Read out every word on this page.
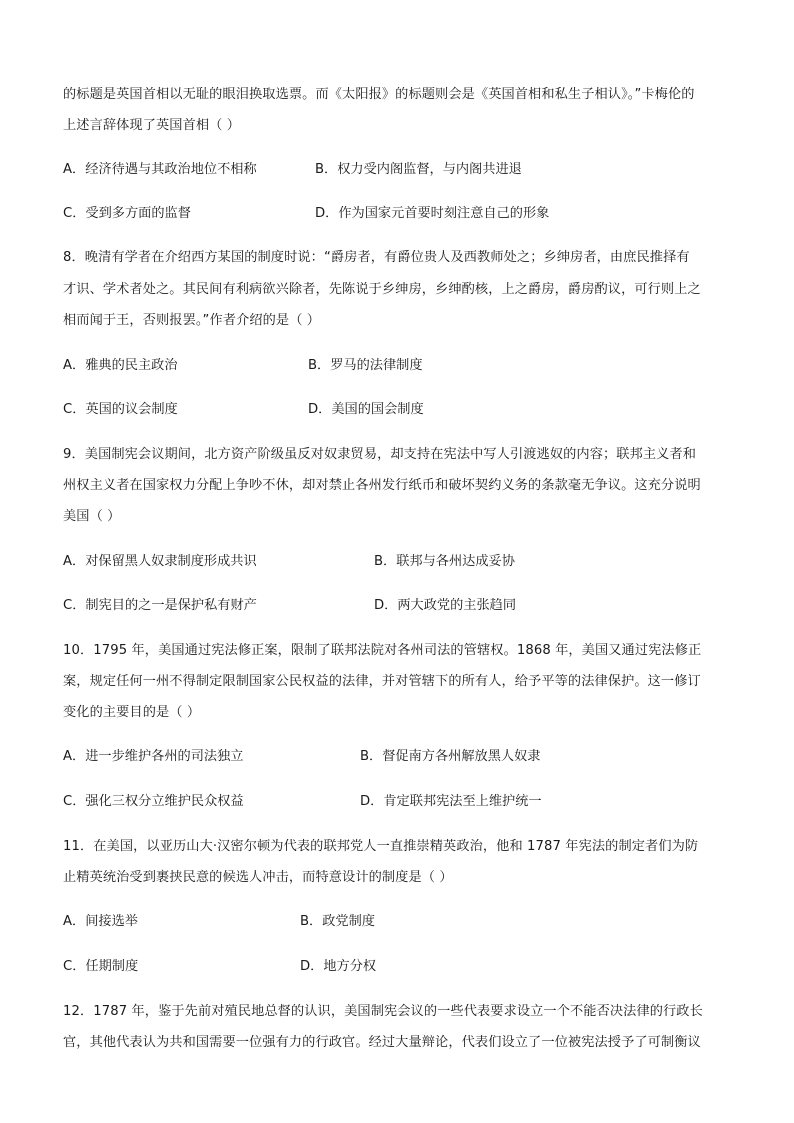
的标题是英国首相以无耻的眼泪换取选票。而《太阳报》的标题则会是《英国首相和私生子相认》。”卡梅伦的
上述言辞体现了英国首相（ ）
A．经济待遇与其政治地位不相称	B．权力受内阁监督，与内阁共进退
C．受到多方面的监督	D．作为国家元首要时刻注意自己的形象
8．晚清有学者在介绍西方某国的制度时说：“爵房者，有爵位贵人及西教师处之；乡绅房者，由庶民推择有
才识、学术者处之。其民间有利病欲兴除者，先陈说于乡绅房，乡绅酌核，上之爵房，爵房酌议，可行则上之
相而闻于王，否则报罢。”作者介绍的是（ ）
A．雅典的民主政治	B．罗马的法律制度
C．英国的议会制度	D．美国的国会制度
9．美国制宪会议期间，北方资产阶级虽反对奴隶贸易，却支持在宪法中写人引渡逃奴的内容；联邦主义者和
州权主义者在国家权力分配上争吵不休，却对禁止各州发行纸币和破坏契约义务的条款毫无争议。这充分说明
美国（ ）
A．对保留黑人奴隶制度形成共识	B．联邦与各州达成妥协
C．制宪目的之一是保护私有财产	D．两大政党的主张趋同
10．1795 年，美国通过宪法修正案，限制了联邦法院对各州司法的管辖权。1868 年，美国又通过宪法修正
案，规定任何一州不得制定限制国家公民权益的法律，并对管辖下的所有人，给予平等的法律保护。这一修订
变化的主要目的是（ ）
A．进一步维护各州的司法独立	B．督促南方各州解放黑人奴隶
C．强化三权分立维护民众权益	D．肯定联邦宪法至上维护统一
11．在美国，以亚历山大·汉密尔顿为代表的联邦党人一直推崇精英政治，他和 1787 年宪法的制定者们为防
止精英统治受到裹挟民意的候选人冲击，而特意设计的制度是（ ）
A．间接选举	B．政党制度
C．任期制度	D．地方分权
12．1787 年，鉴于先前对殖民地总督的认识，美国制宪会议的一些代表要求设立一个不能否决法律的行政长
官，其他代表认为共和国需要一位强有力的行政官。经过大量辩论，代表们设立了一位被宪法授予了可制衡议
